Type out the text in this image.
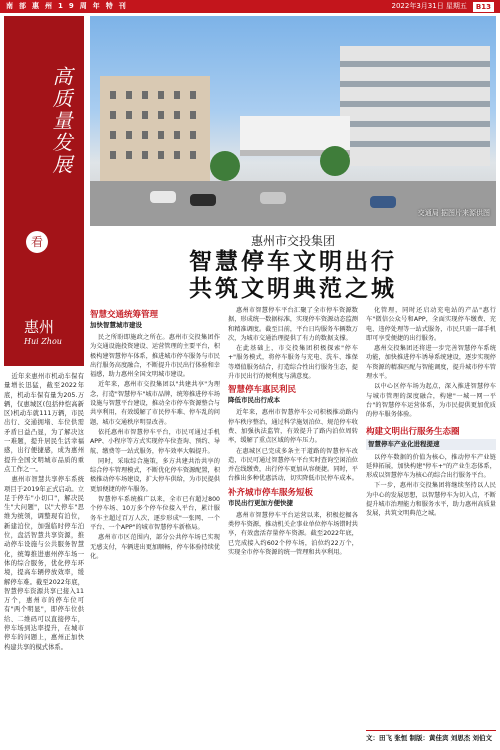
南部惠州19周年特刊	2022年3月31日 星期五	B13
高质量发展
看
惠州
Hui Zhou

近年来惠州市机动车保有量增长迅猛，截至2022年底，机动车保有量为205.万辆，仅惠城区(包括仲恺高新区)机动车就111万辆，市民出行、交通拥堵、车位供需矛盾日益凸显，为了解决这一难题，提升居民生活幸福感，出行便捷感，成为惠州提升全国文明城市品质的重点工作之一。

惠州市智慧共享停车系统项目于2019年正式启动。立足于停车"小切口"，解决民生"大问题"，以"大停车"思维为统领，调整现有泊位，新建泊位，加强临时停车泊位，盘活智慧共享资源，推动停车设施与公共服务智慧化，统筹推进惠州停车场一体的综合服务，优化停车环境，提高车辆停放效率，缓解停车难。截至2022年底，智慧停车资源共享已接入11万个，惠州市的停车位可有"两个明显"，即停车位供给、二维码可以直接停车，停车场到达率提升，在城市停车的问题上，惠州正加快构建共享的模式体系。

交通局 据图片来源供图
惠州市交投集团
智慧停车文明出行
共筑文明典范之城
智慧交通统筹管理
加快智慧城市建设

民之所盼即施政之所在。惠州市交投集团作为交通设施投资建设、运营管理的主要平台，积极构建智慧停车体系，推进城市停车服务与市民出行服务高度融合，不断提升市民出行体验和幸福感，助力惠州全国文明城市建设。

近年来，惠州市交投集团以"共建共享"为理念，打造"智慧停车"城市品牌，统筹推进停车场设施与智慧平台建设，推动全市停车资源整合与共享利用，有效缓解了市民停车难、停车乱的问题，城市交通秩序明显改善。

依托惠州市智慧停车平台，市民可通过手机APP、小程序等方式实现停车位查询、预约、导航、缴费等一站式服务，停车效率大幅提升。

同时，采取综合施策，多方共建共治共享的综合停车管理模式，不断优化停车资源配置，积极推动停车场建设，扩大停车供给，为市民提供更加便捷的停车服务。

智慧停车系统推广以来，全市已有超过800个停车场、10万多个停车位接入平台，累计服务车主超过百万人次，逐步形成"一张网、一个平台、一个APP"的城市智慧停车新格局。

惠州市市区范围内，部分公共停车场已实现无感支付，车辆进出更加顺畅，停车体验持续优化。

惠州市智慧停车平台汇聚了全市停车资源数据，形成统一数据标准，实现停车资源动态监测和精准调度。截至目前，平台日均服务车辆数万次，为城市交通治理提供了有力的数据支撑。

在此基础上，市交投集团积极探索"停车+"服务模式，将停车服务与充电、洗车、维保等增值服务结合，打造综合性出行服务生态，提升市民出行的便利度与满意度。

智慧停车惠民利民
降低市民出行成本

近年来，惠州市智慧停车公司积极推动路内停车秩序整治，通过科学施划泊位、规范停车收费、加强执法监管，有效提升了路内泊位周转率，缓解了重点区域的停车压力。

在惠城区已完成多条主干道路的智慧停车改造，市民可通过智慧停车平台实时查询空闲泊位并在线缴费，出行停车更加从容便捷。同时，平台推出多种优惠活动，切实降低市民停车成本。

补齐城市停车服务短板
市民出行更加方便快捷

惠州市智慧停车平台运营以来，积极挖掘各类停车资源，推动机关企事业单位停车场错时共享，有效盘活存量停车资源。截至2022年底，已完成接入约602个停车场，泊位约22万个，实现全市停车资源的统一管理和共享利用。

化管理，同时还启动充电站的产品"惠行车"微信公众号和APP，全面实现停车缴费、充电、违停处理等一站式服务，市民只需一部手机即可享受便捷的出行服务。

惠州交投集团还将进一步完善智慧停车系统功能，加快推进停车诱导系统建设，逐步实现停车资源的精准匹配与智能调度，提升城市停车管理水平。

以中心区停车场为起点，深入推进智慧停车与城市管理的深度融合，构建"一城一网一平台"的智慧停车运营体系，为市民提供更加优质的停车服务体验。

构建文明出行服务生态圈
智慧停车产业化进程提速

以停车数据的价值为核心，推动停车产业链延伸拓展，加快构建"停车+"的产业生态体系，形成以智慧停车为核心的综合出行服务平台。

下一步，惠州市交投集团将继续坚持以人民为中心的发展思想，以智慧停车为切入点，不断提升城市治理能力和服务水平，助力惠州高质量发展，共筑文明典范之城。

文：田飞 张恒 制版：黄佳宾 刘思杰 刘伯文
